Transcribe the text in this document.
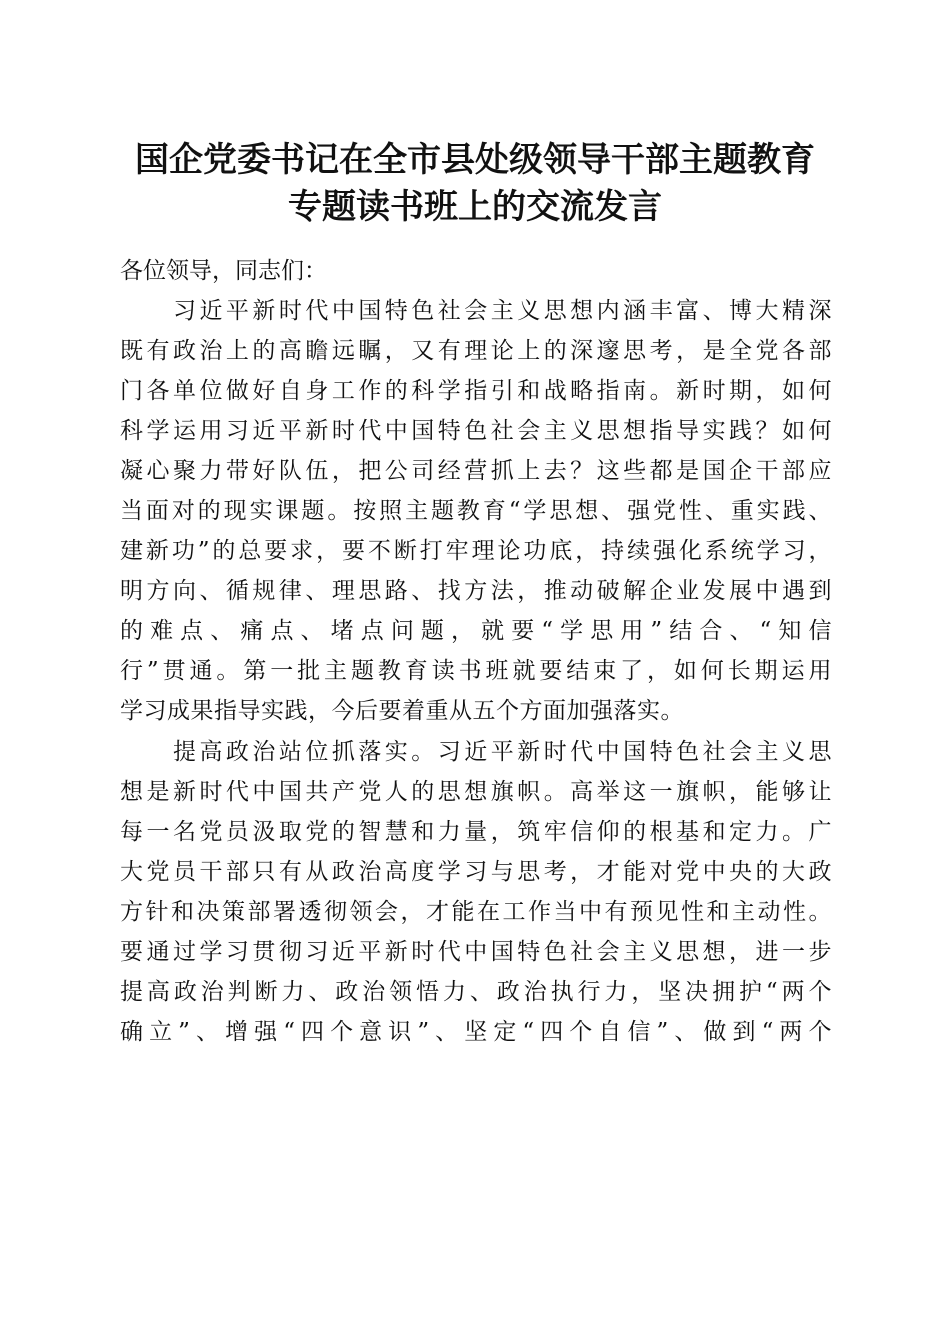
国企党委书记在全市县处级领导干部主题教育
专题读书班上的交流发言
各位领导，同志们：
　　习近平新时代中国特色社会主义思想内涵丰富、博大精深
既有政治上的高瞻远瞩，又有理论上的深邃思考，是全党各部
门各单位做好自身工作的科学指引和战略指南。新时期，如何
科学运用习近平新时代中国特色社会主义思想指导实践？如何
凝心聚力带好队伍，把公司经营抓上去？这些都是国企干部应
当面对的现实课题。按照主题教育“学思想、强党性、重实践、
建新功”的总要求，要不断打牢理论功底，持续强化系统学习，
明方向、循规律、理思路、找方法，推动破解企业发展中遇到
的难点、痛点、堵点问题，就要“学思用”结合、“知信
行”贯通。第一批主题教育读书班就要结束了，如何长期运用
学习成果指导实践，今后要着重从五个方面加强落实。
　　提高政治站位抓落实。习近平新时代中国特色社会主义思
想是新时代中国共产党人的思想旗帜。高举这一旗帜，能够让
每一名党员汲取党的智慧和力量，筑牢信仰的根基和定力。广
大党员干部只有从政治高度学习与思考，才能对党中央的大政
方针和决策部署透彻领会，才能在工作当中有预见性和主动性。
要通过学习贯彻习近平新时代中国特色社会主义思想，进一步
提高政治判断力、政治领悟力、政治执行力，坚决拥护“两个
确立”、增强“四个意识”、坚定“四个自信”、做到“两个
